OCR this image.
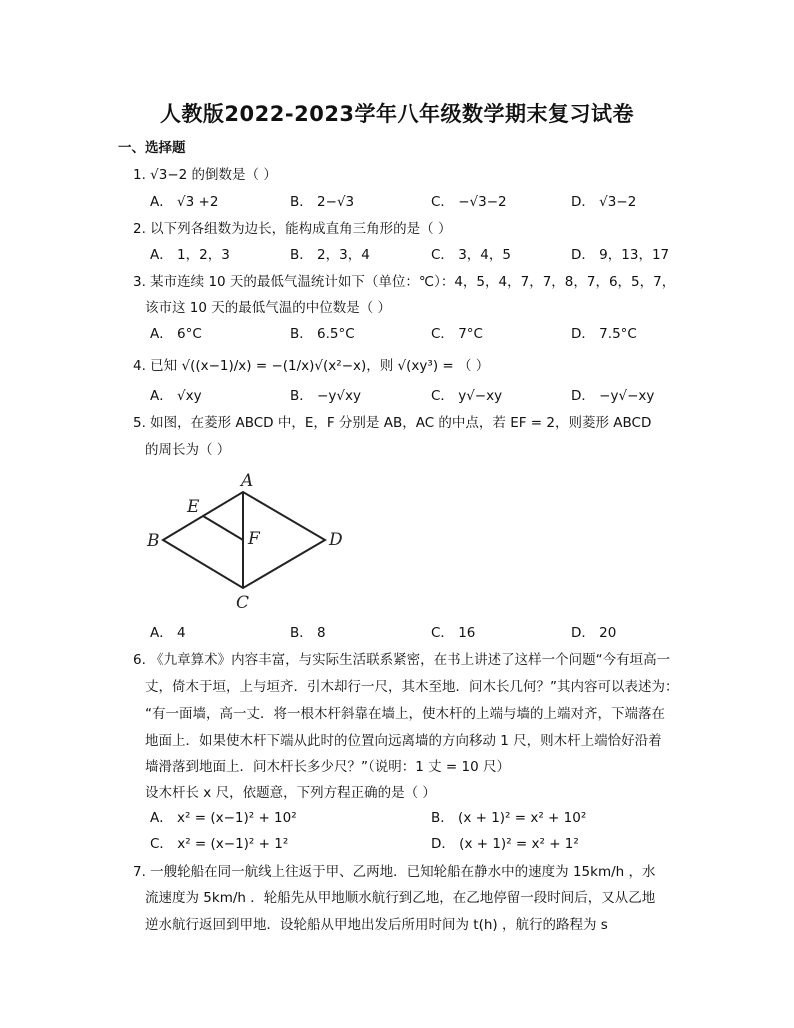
人教版2022-2023学年八年级数学期末复习试卷
一、选择题
1. √3−2 的倒数是（ ）
A． √3 +2	B． 2−√3	C． −√3−2	D． √3−2
2. 以下列各组数为边长，能构成直角三角形的是（ ）
A． 1，2，3	B． 2，3，4	C． 3，4，5	D． 9，13，17
3. 某市连续 10 天的最低气温统计如下（单位：℃）：4，5，4，7，7，8，7，6，5，7，
该市这 10 天的最低气温的中位数是（ ）
A． 6°C	B． 6.5°C	C． 7°C	D． 7.5°C
4. 已知 √((x−1)/x) = −(1/x)√(x²−x)，则 √(xy³) = （ ）
A． √xy	B． −y√xy	C． y√−xy	D． −y√−xy
5. 如图，在菱形 ABCD 中，E，F 分别是 AB，AC 的中点，若 EF = 2，则菱形 ABCD
的周长为（ ）
A
B
C
D
E
F
A． 4	B． 8	C． 16	D． 20
6. 《九章算术》内容丰富，与实际生活联系紧密，在书上讲述了这样一个问题“今有垣高一
丈，倚木于垣，上与垣齐．引木却行一尺，其木至地．问木长几何？”其内容可以表述为：
“有一面墙，高一丈．将一根木杆斜靠在墙上，使木杆的上端与墙的上端对齐，下端落在
地面上．如果使木杆下端从此时的位置向远离墙的方向移动 1 尺，则木杆上端恰好沿着
墙滑落到地面上．问木杆长多少尺？”（说明：1 丈 = 10 尺）
设木杆长 x 尺，依题意，下列方程正确的是（ ）
A． x² = (x−1)² + 10²	B． (x + 1)² = x² + 10²
C． x² = (x−1)² + 1²	D． (x + 1)² = x² + 1²
7. 一艘轮船在同一航线上往返于甲、乙两地．已知轮船在静水中的速度为 15km/h ，水
流速度为 5km/h ．轮船先从甲地顺水航行到乙地，在乙地停留一段时间后，又从乙地
逆水航行返回到甲地．设轮船从甲地出发后所用时间为 t(h) ，航行的路程为 s
